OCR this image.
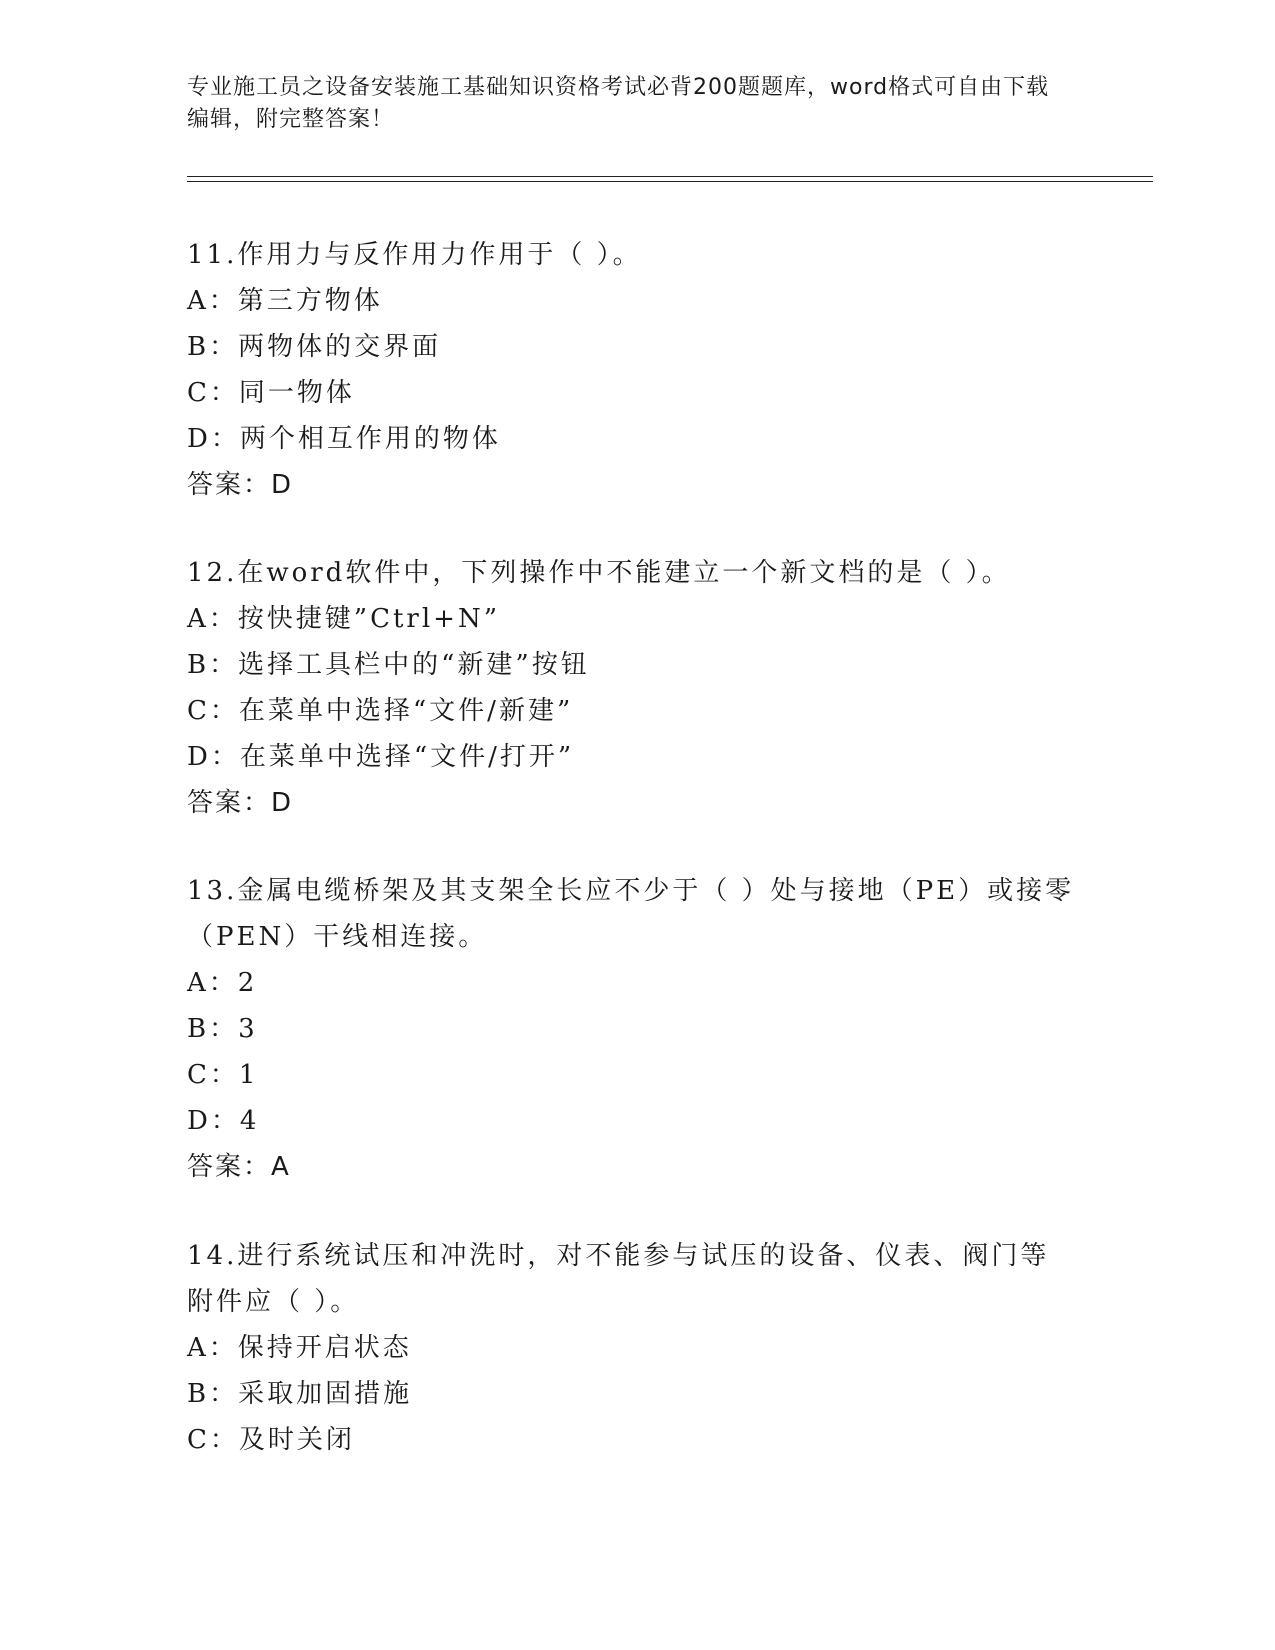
专业施工员之设备安装施工基础知识资格考试必背200题题库，word格式可自由下载编辑，附完整答案！
11.作用力与反作用力作用于（ ）。
A：第三方物体
B：两物体的交界面
C：同一物体
D：两个相互作用的物体
答案：D
12.在word软件中，下列操作中不能建立一个新文档的是（ ）。
A：按快捷键”Ctrl+N”
B：选择工具栏中的“新建”按钮
C：在菜单中选择“文件/新建”
D：在菜单中选择“文件/打开”
答案：D
13.金属电缆桥架及其支架全长应不少于（ ）处与接地（PE）或接零（PEN）干线相连接。
A：2
B：3
C：1
D：4
答案：A
14.进行系统试压和冲洗时，对不能参与试压的设备、仪表、阀门等附件应（ ）。
A：保持开启状态
B：采取加固措施
C：及时关闭
